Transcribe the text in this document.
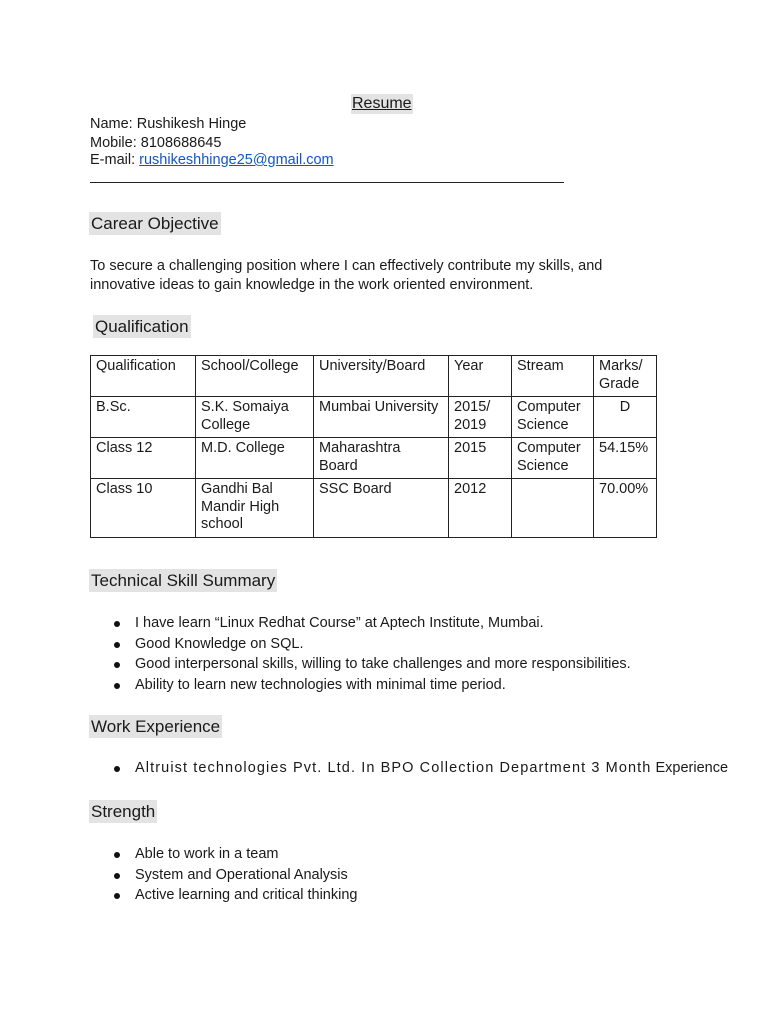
Resume
Name: Rushikesh Hinge
Mobile: 8108688645
E-mail: rushikeshhinge25@gmail.com
Carear Objective
To secure a challenging position where I can effectively contribute my skills, and
innovative ideas to gain knowledge in the work oriented environment.
Qualification
Qualification	School/College	University/Board	Year	Stream	Marks/ Grade
B.Sc.	S.K. Somaiya College	Mumbai University	2015/ 2019	Computer Science	D
Class 12	M.D. College	Maharashtra Board	2015	Computer Science	54.15%
Class 10	Gandhi Bal Mandir High school	SSC Board	2012		70.00%
Technical Skill Summary
I have learn “Linux Redhat Course” at Aptech Institute, Mumbai.
Good Knowledge on SQL.
Good interpersonal skills, willing to take challenges and more responsibilities.
Ability to learn new technologies with minimal time period.
Work Experience
Altruist technologies Pvt. Ltd. In BPO Collection Department 3 Month Experience
Strength
Able to work in a team
System and Operational Analysis
Active learning and critical thinking
